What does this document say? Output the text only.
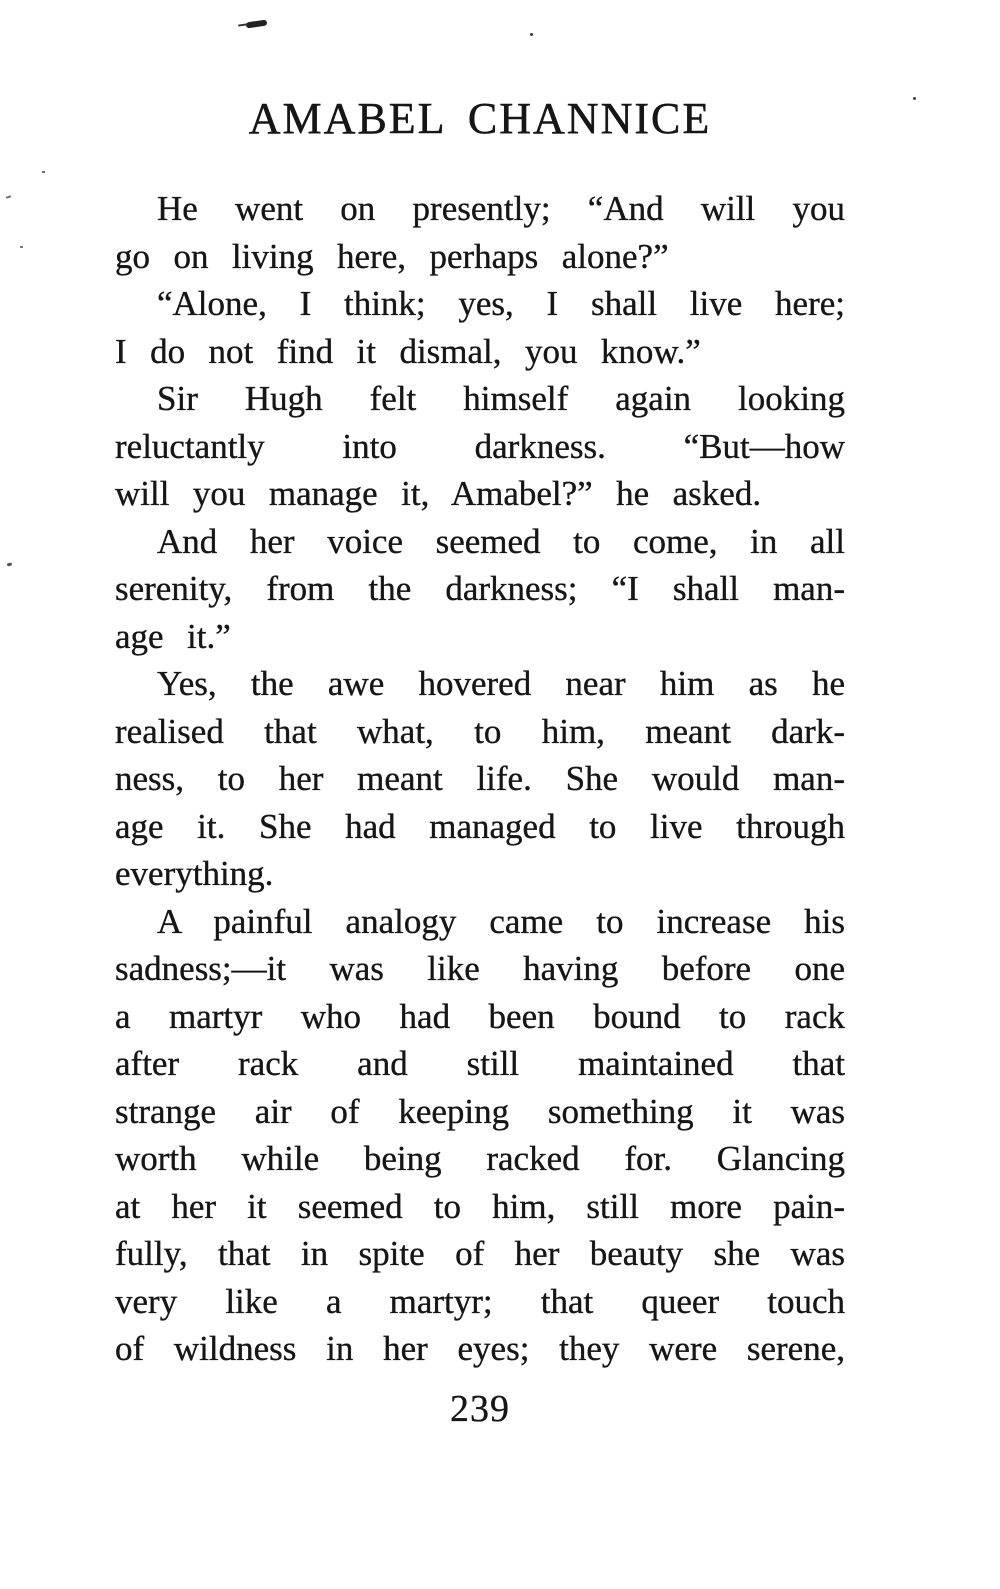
AMABEL CHANNICE
He went on presently; “And will you
go on living here, perhaps alone?”
“Alone, I think; yes, I shall live here;
I do not find it dismal, you know.”
Sir Hugh felt himself again looking
reluctantly into darkness. “But—how
will you manage it, Amabel?” he asked.
And her voice seemed to come, in all
serenity, from the darkness; “I shall man-
age it.”
Yes, the awe hovered near him as he
realised that what, to him, meant dark-
ness, to her meant life. She would man-
age it. She had managed to live through
everything.
A painful analogy came to increase his
sadness;—it was like having before one
a martyr who had been bound to rack
after rack and still maintained that
strange air of keeping something it was
worth while being racked for. Glancing
at her it seemed to him, still more pain-
fully, that in spite of her beauty she was
very like a martyr; that queer touch
of wildness in her eyes; they were serene,
239
